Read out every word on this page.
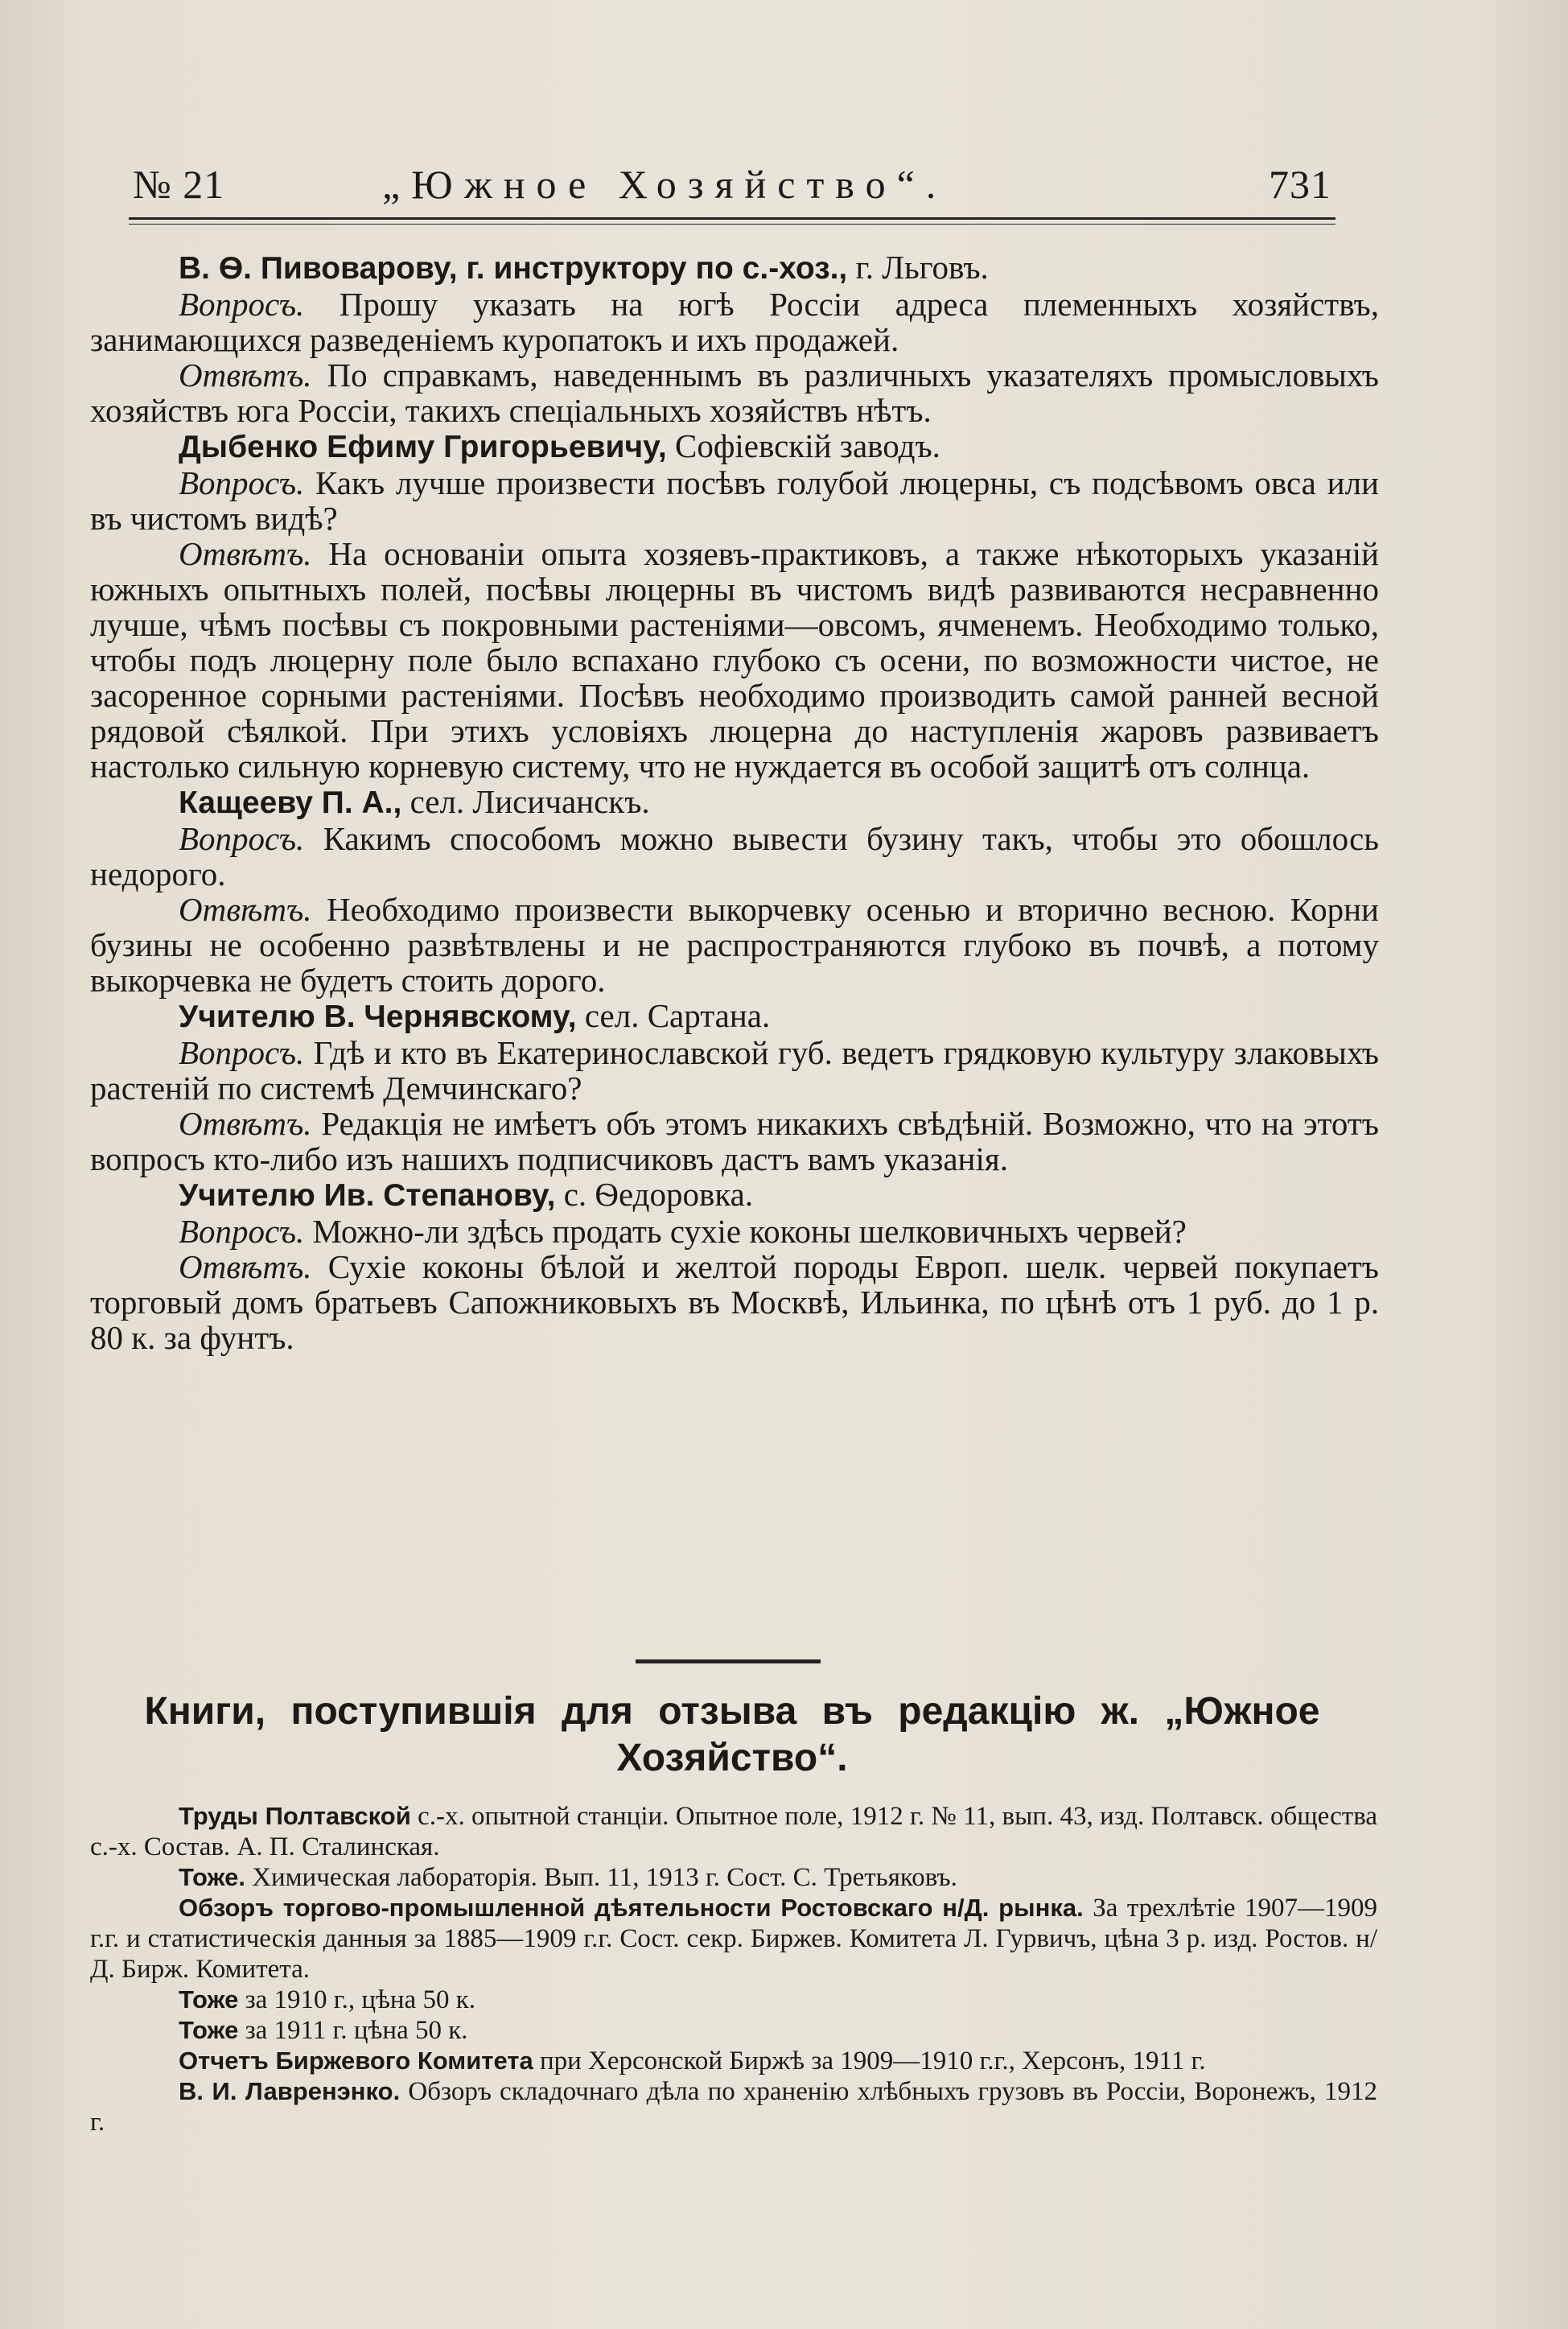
№ 21	„Южное Хозяйство“.	731

В. Ѳ. Пивоварову, г. инструктору по с.-хоз., г. Льговъ.

Вопросъ. Прошу указать на югѣ Россіи адреса племенныхъ хозяйствъ, занимающихся разведеніемъ куропатокъ и ихъ продажей.

Отвѣтъ. По справкамъ, наведеннымъ въ различныхъ указателяхъ промысловыхъ хозяйствъ юга Россіи, такихъ спеціальныхъ хозяйствъ нѣтъ.

Дыбенко Ефиму Григорьевичу, Софіевскій заводъ.

Вопросъ. Какъ лучше произвести посѣвъ голубой люцерны, съ подсѣвомъ овса или въ чистомъ видѣ?

Отвѣтъ. На основаніи опыта хозяевъ-практиковъ, а также нѣкоторыхъ указаній южныхъ опытныхъ полей, посѣвы люцерны въ чистомъ видѣ развиваются несравненно лучше, чѣмъ посѣвы съ покровными растеніями—овсомъ, ячменемъ. Необходимо только, чтобы подъ люцерну поле было вспахано глубоко съ осени, по возможности чистое, не засоренное сорными растеніями. Посѣвъ необходимо производить самой ранней весной рядовой сѣялкой. При этихъ условіяхъ люцерна до наступленія жаровъ развиваетъ настолько сильную корневую систему, что не нуждается въ особой защитѣ отъ солнца.

Кащееву П. А., сел. Лисичанскъ.

Вопросъ. Какимъ способомъ можно вывести бузину такъ, чтобы это обошлось недорого.

Отвѣтъ. Необходимо произвести выкорчевку осенью и вторично весною. Корни бузины не особенно развѣтвлены и не распространяются глубоко въ почвѣ, а потому выкорчевка не будетъ стоить дорого.

Учителю В. Чернявскому, сел. Сартана.

Вопросъ. Гдѣ и кто въ Екатеринославской губ. ведетъ грядковую культуру злаковыхъ растеній по системѣ Демчинскаго?

Отвѣтъ. Редакція не имѣетъ объ этомъ никакихъ свѣдѣній. Возможно, что на этотъ вопросъ кто-либо изъ нашихъ подписчиковъ дастъ вамъ указанія.

Учителю Ив. Степанову, с. Ѳедоровка.

Вопросъ. Можно-ли здѣсь продать сухіе коконы шелковичныхъ червей?

Отвѣтъ. Сухіе коконы бѣлой и желтой породы Европ. шелк. червей покупаетъ торговый домъ братьевъ Сапожниковыхъ въ Москвѣ, Ильинка, по цѣнѣ отъ 1 руб. до 1 р. 80 к. за фунтъ.

Книги, поступившія для отзыва въ редакцію ж. „Южное Хозяйство“.

Труды Полтавской с.-х. опытной станціи. Опытное поле, 1912 г. № 11, вып. 43, изд. Полтавск. общества с.-х. Состав. А. П. Сталинская.

Тоже. Химическая лабораторія. Вып. 11, 1913 г. Сост. С. Третьяковъ.

Обзоръ торгово-промышленной дѣятельности Ростовскаго н/Д. рынка. За трехлѣтіе 1907—1909 г.г. и статистическія данныя за 1885—1909 г.г. Сост. секр. Биржев. Комитета Л. Гурвичъ, цѣна 3 р. изд. Ростов. н/Д. Бирж. Комитета.

Тоже за 1910 г., цѣна 50 к.

Тоже за 1911 г. цѣна 50 к.

Отчетъ Биржевого Комитета при Херсонской Биржѣ за 1909—1910 г.г., Херсонъ, 1911 г.

В. И. Лавренэнко. Обзоръ складочнаго дѣла по храненію хлѣбныхъ грузовъ въ Россіи, Воронежъ, 1912 г.
